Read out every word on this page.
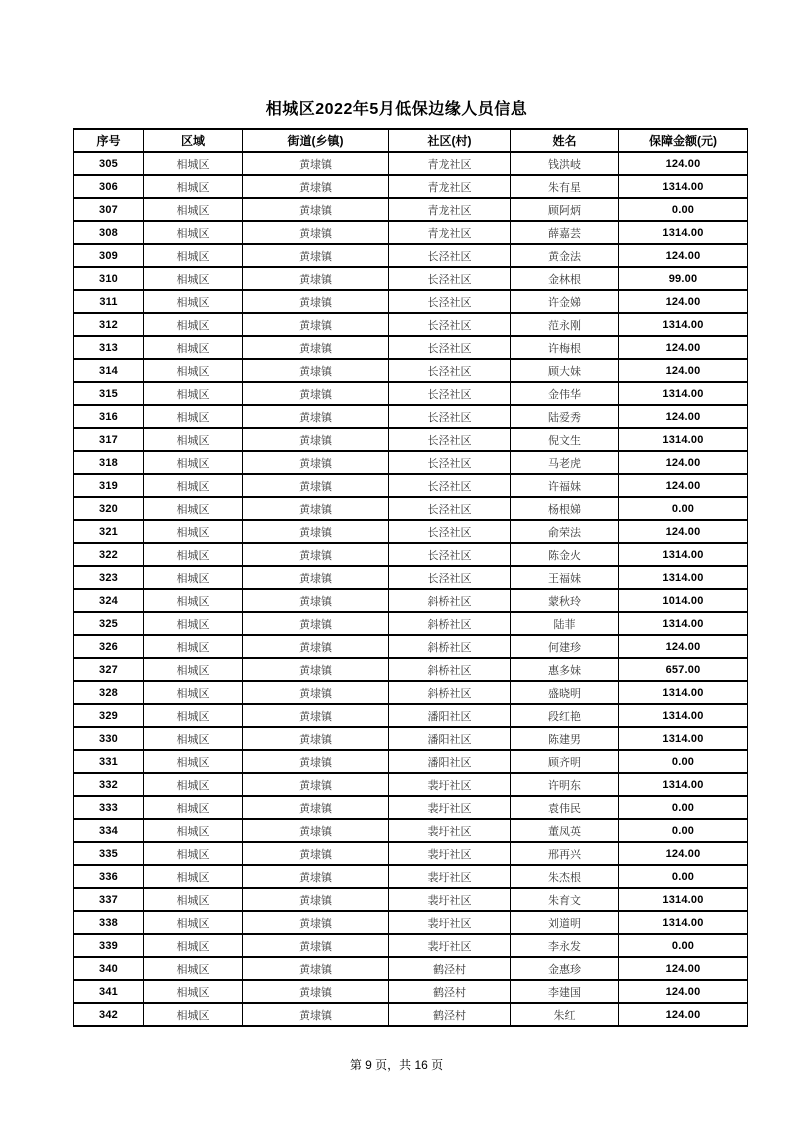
相城区2022年5月低保边缘人员信息
序号	区域	街道(乡镇)	社区(村)	姓名	保障金额(元)
305	相城区	黄埭镇	青龙社区	钱洪岐	124.00
306	相城区	黄埭镇	青龙社区	朱有星	1314.00
307	相城区	黄埭镇	青龙社区	顾阿炳	0.00
308	相城区	黄埭镇	青龙社区	薛嘉芸	1314.00
309	相城区	黄埭镇	长泾社区	黄金法	124.00
310	相城区	黄埭镇	长泾社区	金林根	99.00
311	相城区	黄埭镇	长泾社区	许金娣	124.00
312	相城区	黄埭镇	长泾社区	范永刚	1314.00
313	相城区	黄埭镇	长泾社区	许梅根	124.00
314	相城区	黄埭镇	长泾社区	顾大妹	124.00
315	相城区	黄埭镇	长泾社区	金伟华	1314.00
316	相城区	黄埭镇	长泾社区	陆爱秀	124.00
317	相城区	黄埭镇	长泾社区	倪文生	1314.00
318	相城区	黄埭镇	长泾社区	马老虎	124.00
319	相城区	黄埭镇	长泾社区	许福妹	124.00
320	相城区	黄埭镇	长泾社区	杨根娣	0.00
321	相城区	黄埭镇	长泾社区	俞荣法	124.00
322	相城区	黄埭镇	长泾社区	陈金火	1314.00
323	相城区	黄埭镇	长泾社区	王福妹	1314.00
324	相城区	黄埭镇	斜桥社区	蒙秋玲	1014.00
325	相城区	黄埭镇	斜桥社区	陆菲	1314.00
326	相城区	黄埭镇	斜桥社区	何建珍	124.00
327	相城区	黄埭镇	斜桥社区	惠多妹	657.00
328	相城区	黄埭镇	斜桥社区	盛晓明	1314.00
329	相城区	黄埭镇	潘阳社区	段红艳	1314.00
330	相城区	黄埭镇	潘阳社区	陈建男	1314.00
331	相城区	黄埭镇	潘阳社区	顾齐明	0.00
332	相城区	黄埭镇	裴圩社区	许明东	1314.00
333	相城区	黄埭镇	裴圩社区	袁伟民	0.00
334	相城区	黄埭镇	裴圩社区	董凤英	0.00
335	相城区	黄埭镇	裴圩社区	邢再兴	124.00
336	相城区	黄埭镇	裴圩社区	朱杰根	0.00
337	相城区	黄埭镇	裴圩社区	朱育文	1314.00
338	相城区	黄埭镇	裴圩社区	刘道明	1314.00
339	相城区	黄埭镇	裴圩社区	李永发	0.00
340	相城区	黄埭镇	鹤泾村	金惠珍	124.00
341	相城区	黄埭镇	鹤泾村	李建国	124.00
342	相城区	黄埭镇	鹤泾村	朱红	124.00
第 9 页，共 16 页
